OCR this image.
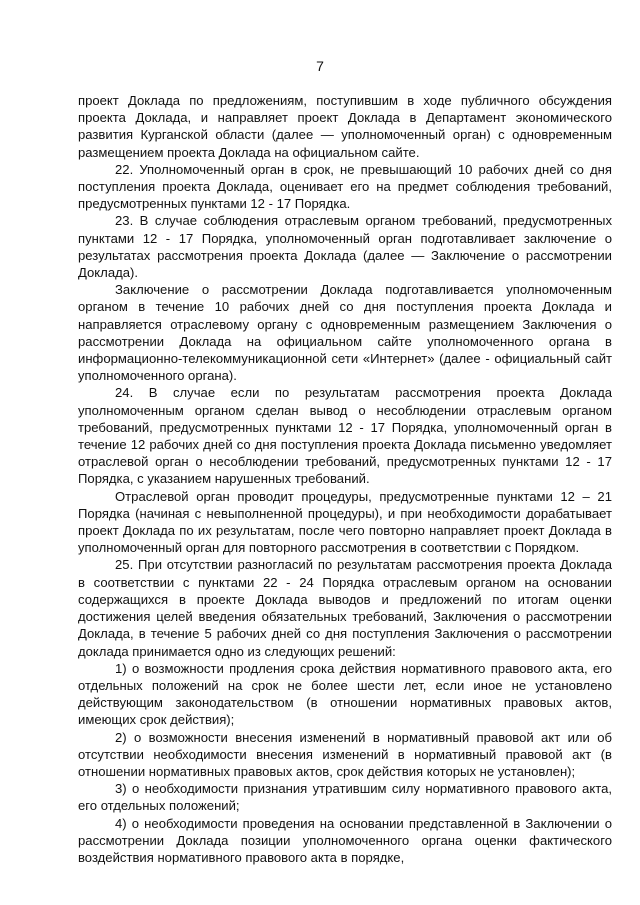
7

проект Доклада по предложениям, поступившим в ходе публичного обсуждения проекта Доклада, и направляет проект Доклада в Департамент экономического развития Курганской области (далее — уполномоченный орган) с одновременным размещением проекта Доклада на официальном сайте.

22. Уполномоченный орган в срок, не превышающий 10 рабочих дней со дня поступления проекта Доклада, оценивает его на предмет соблюдения требований, предусмотренных пунктами 12 - 17 Порядка.

23. В случае соблюдения отраслевым органом требований, предусмотренных пунктами 12 - 17 Порядка, уполномоченный орган подготавливает заключение о результатах рассмотрения проекта Доклада (далее — Заключение о рассмотрении Доклада).

Заключение о рассмотрении Доклада подготавливается уполномоченным органом в течение 10 рабочих дней со дня поступления проекта Доклада и направляется отраслевому органу с одновременным размещением Заключения о рассмотрении Доклада на официальном сайте уполномоченного органа в информационно-телекоммуникационной сети «Интернет» (далее - официальный сайт уполномоченного органа).

24. В случае если по результатам рассмотрения проекта Доклада уполномоченным органом сделан вывод о несоблюдении отраслевым органом требований, предусмотренных пунктами 12 - 17 Порядка, уполномоченный орган в течение 12 рабочих дней со дня поступления проекта Доклада письменно уведомляет отраслевой орган о несоблюдении требований, предусмотренных пунктами 12 - 17 Порядка, с указанием нарушенных требований.

Отраслевой орган проводит процедуры, предусмотренные пунктами 12 – 21 Порядка (начиная с невыполненной процедуры), и при необходимости дорабатывает проект Доклада по их результатам, после чего повторно направляет проект Доклада в уполномоченный орган для повторного рассмотрения в соответствии с Порядком.

25. При отсутствии разногласий по результатам рассмотрения проекта Доклада в соответствии с пунктами 22 - 24 Порядка отраслевым органом на основании содержащихся в проекте Доклада выводов и предложений по итогам оценки достижения целей введения обязательных требований, Заключения о рассмотрении Доклада, в течение 5 рабочих дней со дня поступления Заключения о рассмотрении доклада принимается одно из следующих решений:

1) о возможности продления срока действия нормативного правового акта, его отдельных положений на срок не более шести лет, если иное не установлено действующим законодательством (в отношении нормативных правовых актов, имеющих срок действия);

2) о возможности внесения изменений в нормативный правовой акт или об отсутствии необходимости внесения изменений в нормативный правовой акт (в отношении нормативных правовых актов, срок действия которых не установлен);

3) о необходимости признания утратившим силу нормативного правового акта, его отдельных положений;

4) о необходимости проведения на основании представленной в Заключении о рассмотрении Доклада позиции уполномоченного органа оценки фактического воздействия нормативного правового акта в порядке,
